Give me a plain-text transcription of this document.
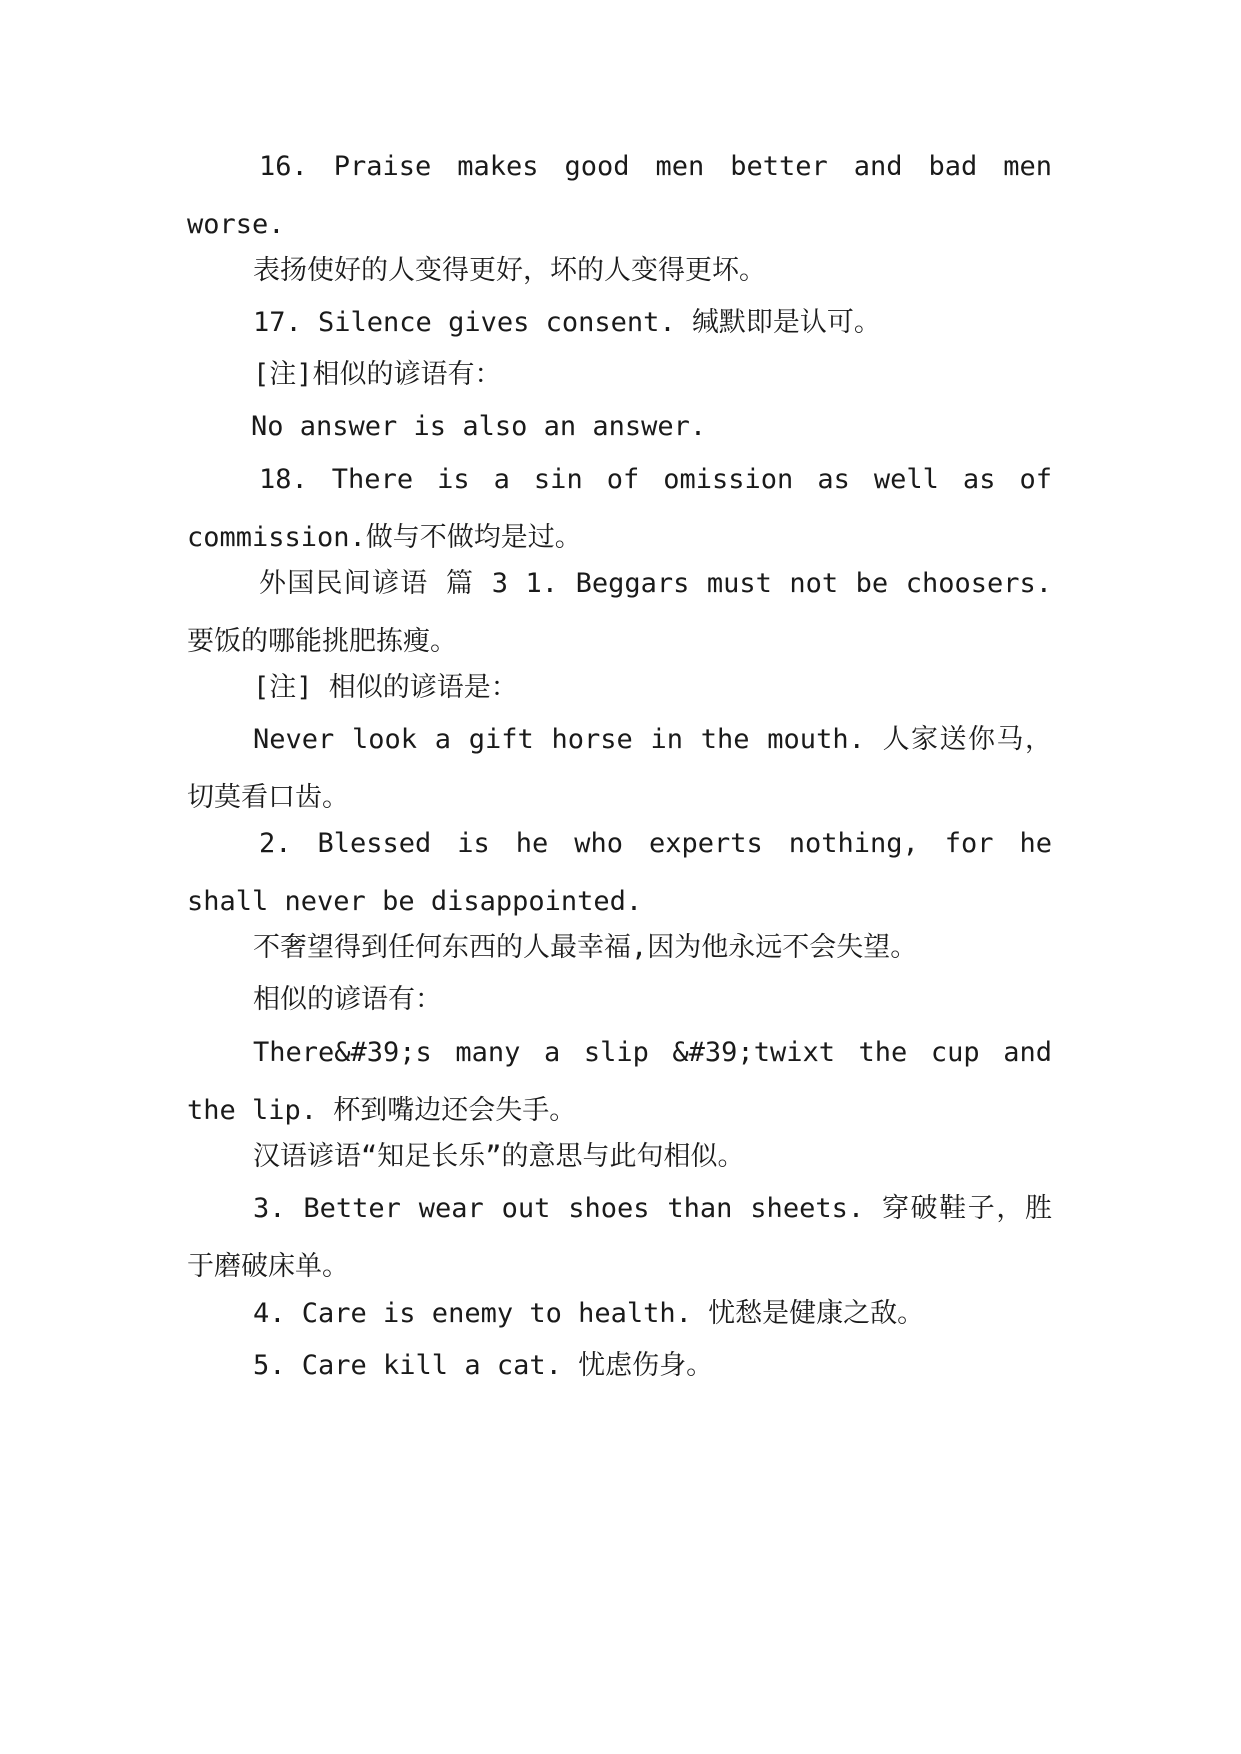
16. Praise makes good men better and bad men worse.

表扬使好的人变得更好，坏的人变得更坏。

17. Silence gives consent. 缄默即是认可。

[注]相似的谚语有：

No answer is also an answer.

18. There is a sin of omission as well as of commission.做与不做均是过。

外国民间谚语 篇 3 1. Beggars must not be choosers. 要饭的哪能挑肥拣瘦。

[注] 相似的谚语是：

Never look a gift horse in the mouth. 人家送你马，切莫看口齿。

2. Blessed is he who experts nothing, for he shall never be disappointed.

不奢望得到任何东西的人最幸福,因为他永远不会失望。

相似的谚语有：

There&#39;s many a slip &#39;twixt the cup and the lip. 杯到嘴边还会失手。

汉语谚语“知足长乐”的意思与此句相似。

3. Better wear out shoes than sheets. 穿破鞋子，胜于磨破床单。

4. Care is enemy to health. 忧愁是健康之敌。

5. Care kill a cat. 忧虑伤身。
